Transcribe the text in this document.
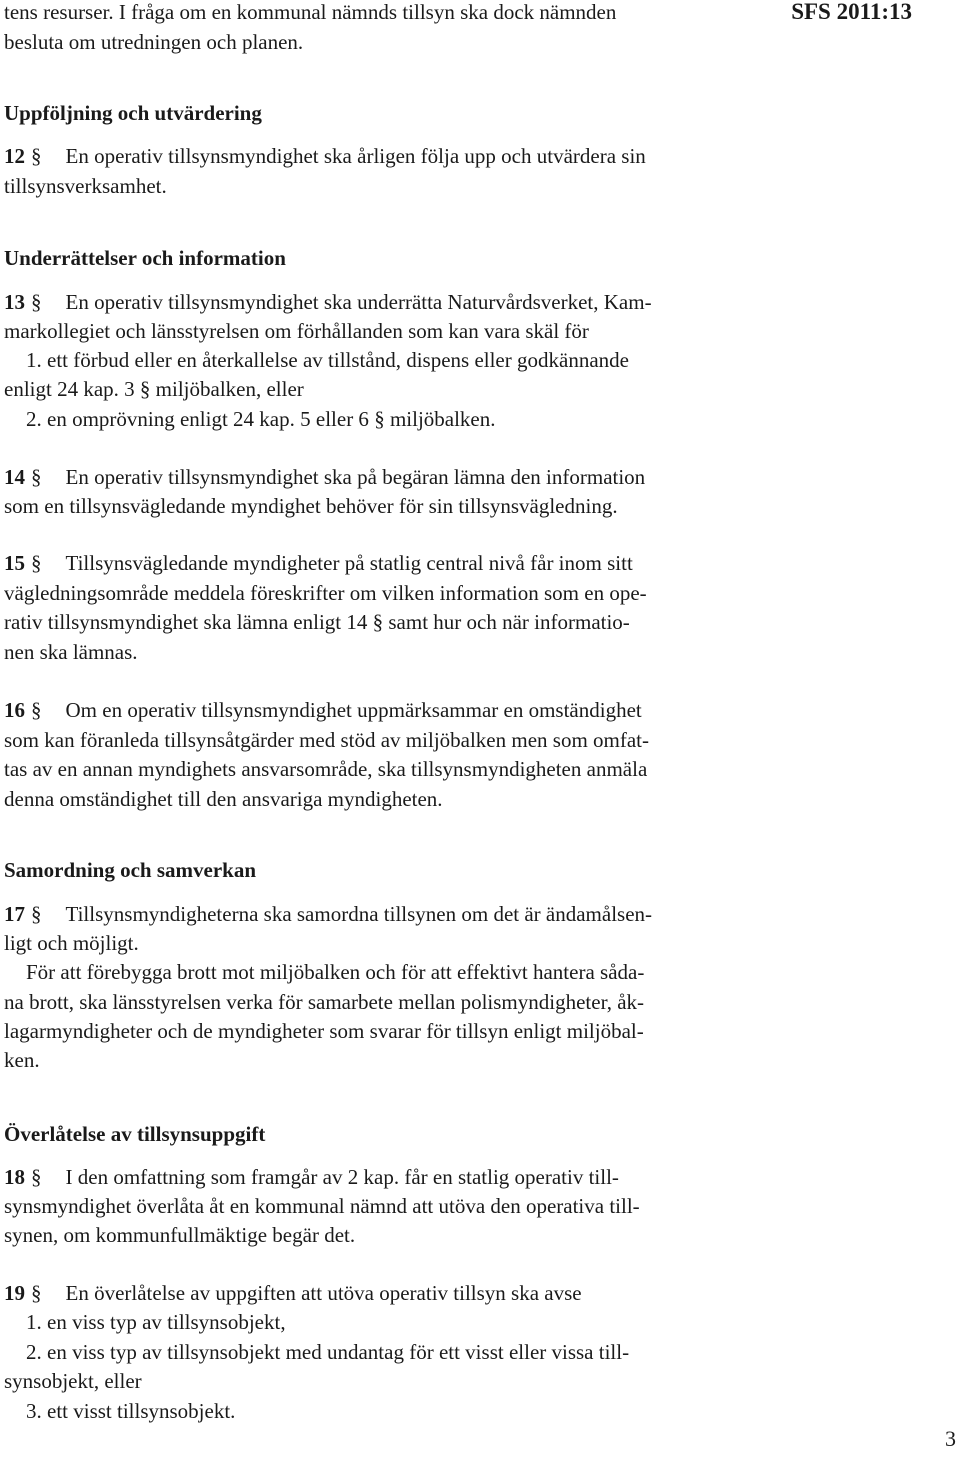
SFS 2011:13
tens resurser. I fråga om en kommunal nämnds tillsyn ska dock nämnden
besluta om utredningen och planen.
Uppföljning och utvärdering
12 § En operativ tillsynsmyndighet ska årligen följa upp och utvärdera sin
tillsynsverksamhet.
Underrättelser och information
13 § En operativ tillsynsmyndighet ska underrätta Naturvårdsverket, Kam-
markollegiet och länsstyrelsen om förhållanden som kan vara skäl för
1. ett förbud eller en återkallelse av tillstånd, dispens eller godkännande
enligt 24 kap. 3 § miljöbalken, eller
2. en omprövning enligt 24 kap. 5 eller 6 § miljöbalken.
14 § En operativ tillsynsmyndighet ska på begäran lämna den information
som en tillsynsvägledande myndighet behöver för sin tillsynsvägledning.
15 § Tillsynsvägledande myndigheter på statlig central nivå får inom sitt
vägledningsområde meddela föreskrifter om vilken information som en ope-
rativ tillsynsmyndighet ska lämna enligt 14 § samt hur och när informatio-
nen ska lämnas.
16 § Om en operativ tillsynsmyndighet uppmärksammar en omständighet
som kan föranleda tillsynsåtgärder med stöd av miljöbalken men som omfat-
tas av en annan myndighets ansvarsområde, ska tillsynsmyndigheten anmäla
denna omständighet till den ansvariga myndigheten.
Samordning och samverkan
17 § Tillsynsmyndigheterna ska samordna tillsynen om det är ändamålsen-
ligt och möjligt.
För att förebygga brott mot miljöbalken och för att effektivt hantera såda-
na brott, ska länsstyrelsen verka för samarbete mellan polismyndigheter, åk-
lagarmyndigheter och de myndigheter som svarar för tillsyn enligt miljöbal-
ken.
Överlåtelse av tillsynsuppgift
18 § I den omfattning som framgår av 2 kap. får en statlig operativ till-
synsmyndighet överlåta åt en kommunal nämnd att utöva den operativa till-
synen, om kommunfullmäktige begär det.
19 § En överlåtelse av uppgiften att utöva operativ tillsyn ska avse
1. en viss typ av tillsynsobjekt,
2. en viss typ av tillsynsobjekt med undantag för ett visst eller vissa till-
synsobjekt, eller
3. ett visst tillsynsobjekt.
3
